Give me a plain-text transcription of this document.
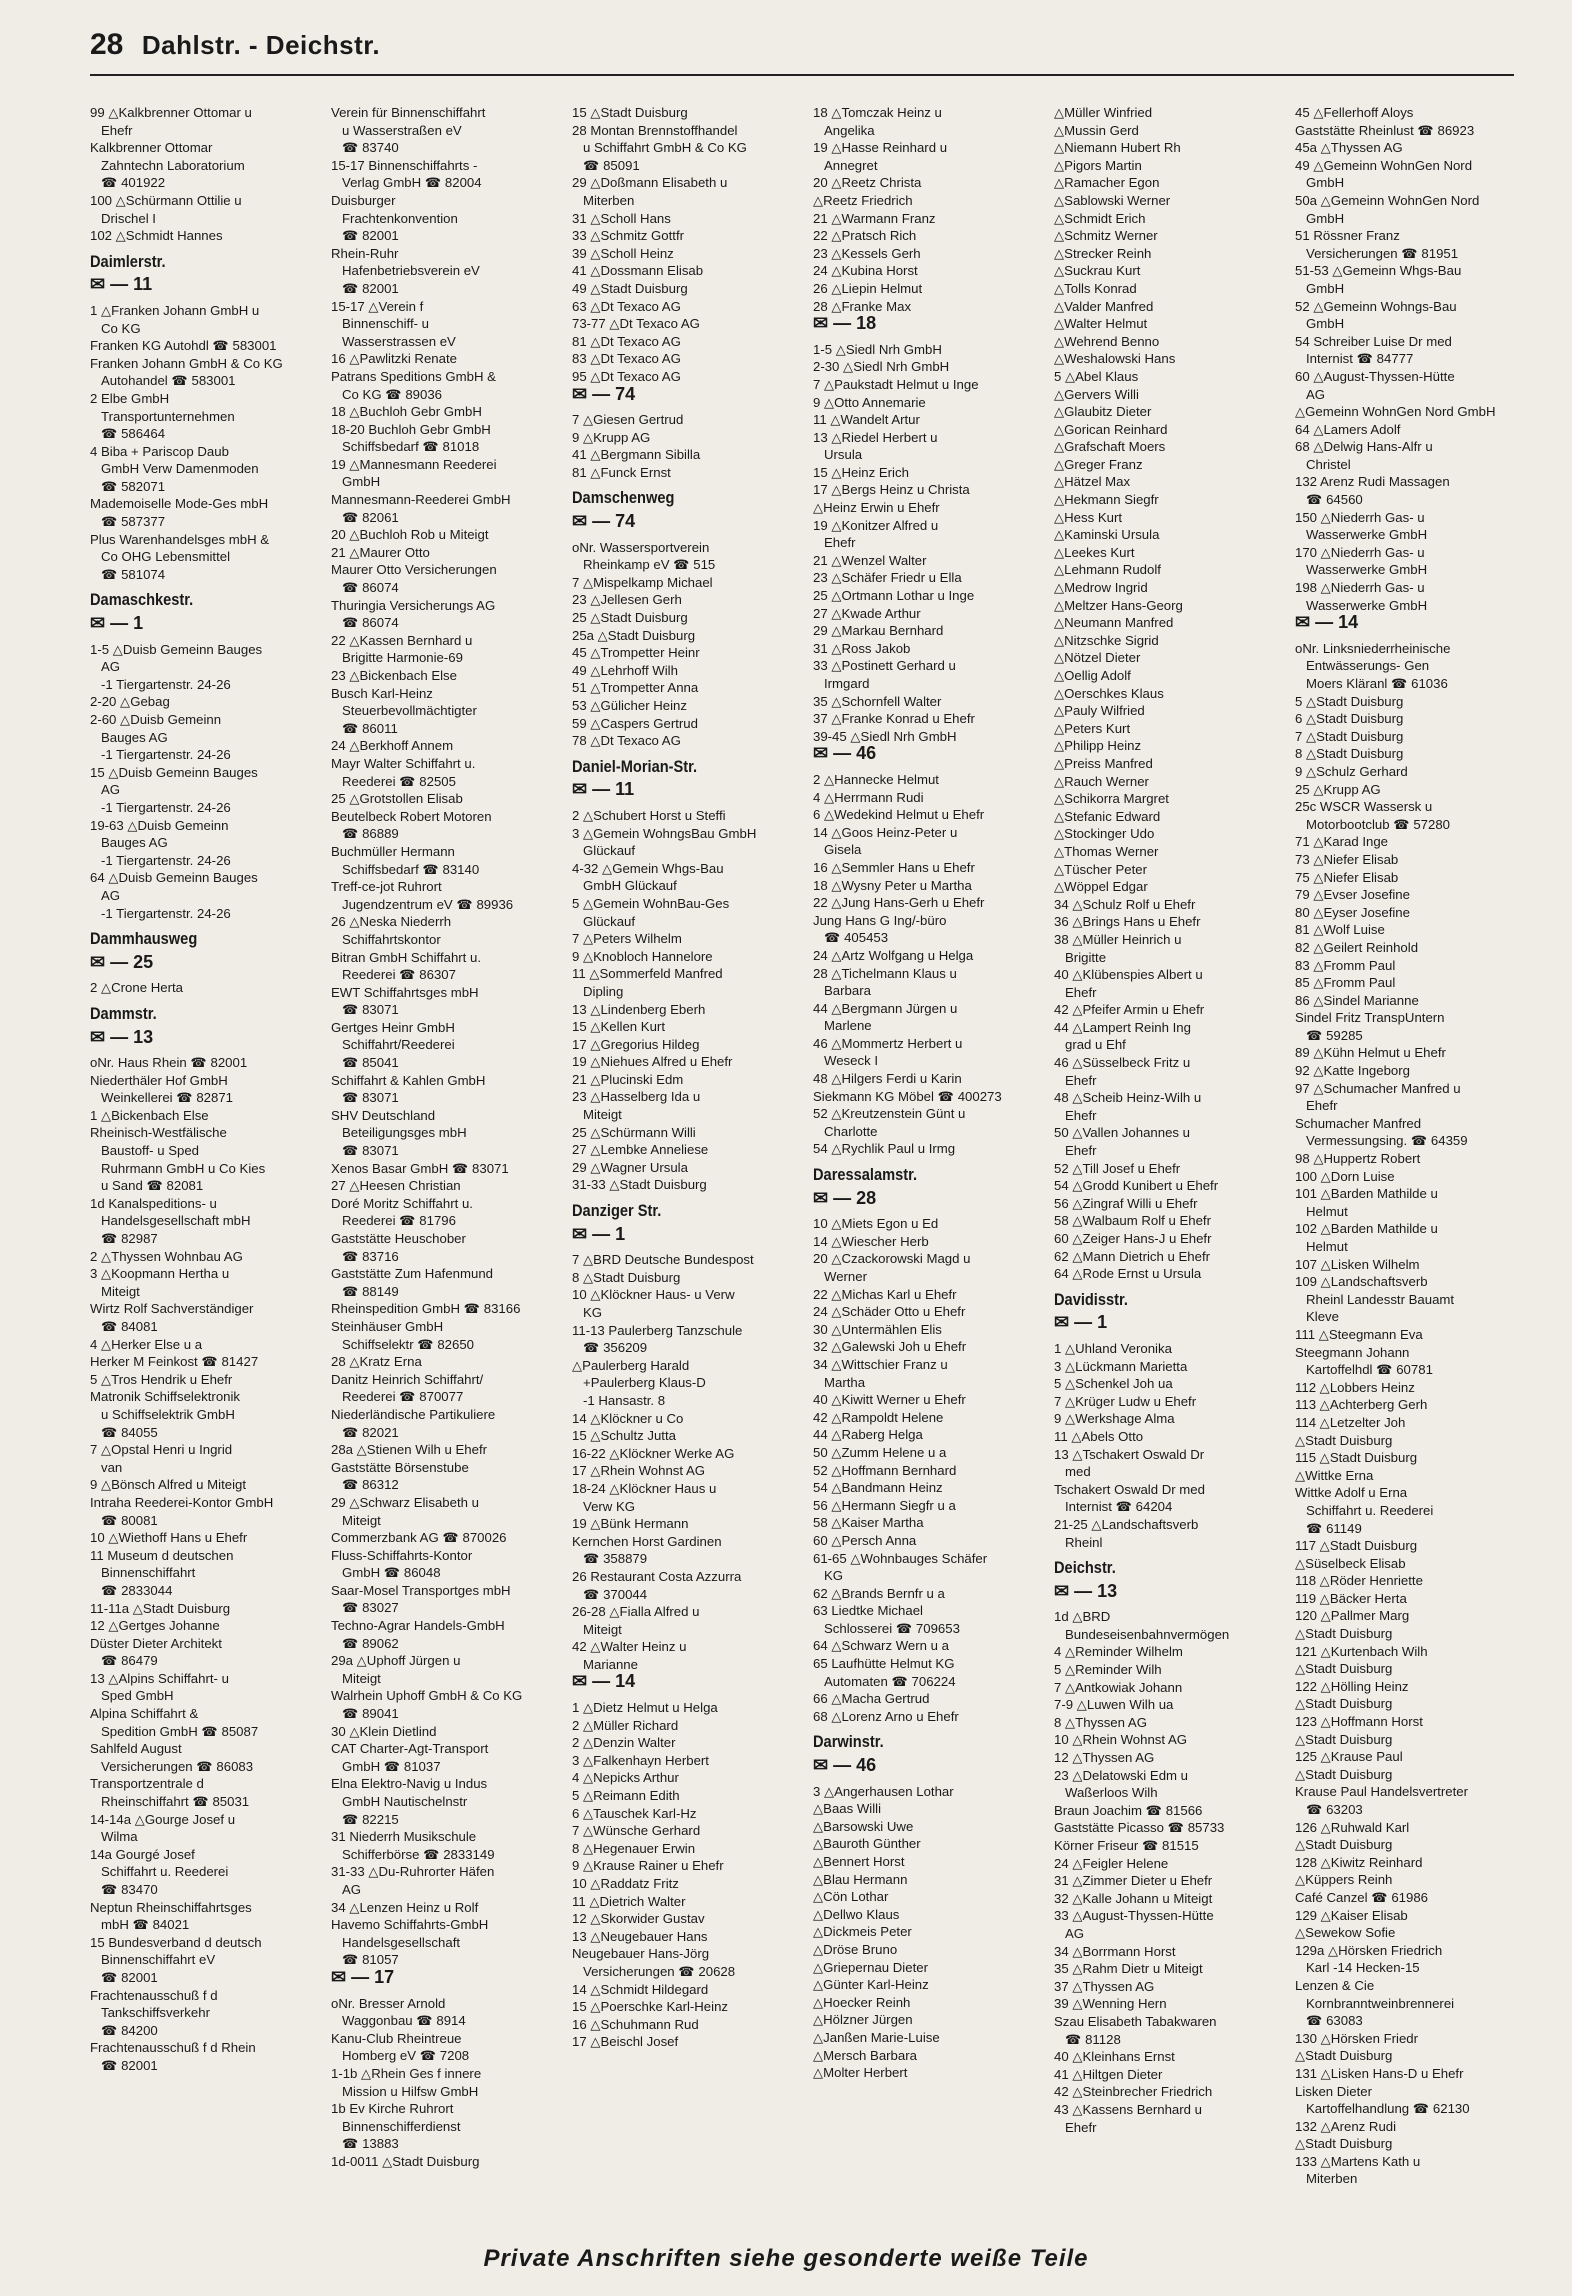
28 Dahlstr. - Deichstr.
99 △Kalkbrenner Ottomar u
Ehefr
Kalkbrenner Ottomar
Zahntechn Laboratorium
☎ 401922
100 △Schürmann Ottilie u
Drischel I
102 △Schmidt Hannes
Daimlerstr.
✉ — 11
1 △Franken Johann GmbH u
Co KG
Franken KG Autohdl ☎ 583001
Franken Johann GmbH & Co KG
Autohandel ☎ 583001
2 Elbe GmbH
Transportunternehmen
☎ 586464
4 Biba + Pariscop Daub
GmbH Verw Damenmoden
☎ 582071
Mademoiselle Mode-Ges mbH
☎ 587377
Plus Warenhandelsges mbH &
Co OHG Lebensmittel
☎ 581074
Damaschkestr.
✉ — 1
1-5 △Duisb Gemeinn Bauges
AG
-1 Tiergartenstr. 24-26
2-20 △Gebag
2-60 △Duisb Gemeinn
Bauges AG
-1 Tiergartenstr. 24-26
15 △Duisb Gemeinn Bauges
AG
-1 Tiergartenstr. 24-26
19-63 △Duisb Gemeinn
Bauges AG
-1 Tiergartenstr. 24-26
64 △Duisb Gemeinn Bauges
AG
-1 Tiergartenstr. 24-26
Dammhausweg
✉ — 25
2 △Crone Herta
Dammstr.
✉ — 13
oNr. Haus Rhein ☎ 82001
Niederthäler Hof GmbH
Weinkellerei ☎ 82871
1 △Bickenbach Else
Rheinisch-Westfälische
Baustoff- u Sped
Ruhrmann GmbH u Co Kies
u Sand ☎ 82081
1d Kanalspeditions- u
Handelsgesellschaft mbH
☎ 82987
2 △Thyssen Wohnbau AG
3 △Koopmann Hertha u
Miteigt
Wirtz Rolf Sachverständiger
☎ 84081
4 △Herker Else u a
Herker M Feinkost ☎ 81427
5 △Tros Hendrik u Ehefr
Matronik Schiffselektronik
u Schiffselektrik GmbH
☎ 84055
7 △Opstal Henri u Ingrid
van
9 △Bönsch Alfred u Miteigt
Intraha Reederei-Kontor GmbH
☎ 80081
10 △Wiethoff Hans u Ehefr
11 Museum d deutschen
Binnenschiffahrt
☎ 2833044
11-11a △Stadt Duisburg
12 △Gertges Johanne
Düster Dieter Architekt
☎ 86479
13 △Alpins Schiffahrt- u
Sped GmbH
Alpina Schiffahrt &
Spedition GmbH ☎ 85087
Sahlfeld August
Versicherungen ☎ 86083
Transportzentrale d
Rheinschiffahrt ☎ 85031
14-14a △Gourge Josef u
Wilma
14a Gourgé Josef
Schiffahrt u. Reederei
☎ 83470
Neptun Rheinschiffahrtsges
mbH ☎ 84021
15 Bundesverband d deutsch
Binnenschiffahrt eV
☎ 82001
Frachtenausschuß f d
Tankschiffsverkehr
☎ 84200
Frachtenausschuß f d Rhein
☎ 82001
Verein für Binnenschiffahrt
u Wasserstraßen eV
☎ 83740
15-17 Binnenschiffahrts -
Verlag GmbH ☎ 82004
Duisburger
Frachtenkonvention
☎ 82001
Rhein-Ruhr
Hafenbetriebsverein eV
☎ 82001
15-17 △Verein f
Binnenschiff- u
Wasserstrassen eV
16 △Pawlitzki Renate
Patrans Speditions GmbH &
Co KG ☎ 89036
18 △Buchloh Gebr GmbH
18-20 Buchloh Gebr GmbH
Schiffsbedarf ☎ 81018
19 △Mannesmann Reederei
GmbH
Mannesmann-Reederei GmbH
☎ 82061
20 △Buchloh Rob u Miteigt
21 △Maurer Otto
Maurer Otto Versicherungen
☎ 86074
Thuringia Versicherungs AG
☎ 86074
22 △Kassen Bernhard u
Brigitte Harmonie-69
23 △Bickenbach Else
Busch Karl-Heinz
Steuerbevollmächtigter
☎ 86011
24 △Berkhoff Annem
Mayr Walter Schiffahrt u.
Reederei ☎ 82505
25 △Grotstollen Elisab
Beutelbeck Robert Motoren
☎ 86889
Buchmüller Hermann
Schiffsbedarf ☎ 83140
Treff-ce-jot Ruhrort
Jugendzentrum eV ☎ 89936
26 △Neska Niederrh
Schiffahrtskontor
Bitran GmbH Schiffahrt u.
Reederei ☎ 86307
EWT Schiffahrtsges mbH
☎ 83071
Gertges Heinr GmbH
Schiffahrt/Reederei
☎ 85041
Schiffahrt & Kahlen GmbH
☎ 83071
SHV Deutschland
Beteiligungsges mbH
☎ 83071
Xenos Basar GmbH ☎ 83071
27 △Heesen Christian
Doré Moritz Schiffahrt u.
Reederei ☎ 81796
Gaststätte Heuschober
☎ 83716
Gaststätte Zum Hafenmund
☎ 88149
Rheinspedition GmbH ☎ 83166
Steinhäuser GmbH
Schiffselektr ☎ 82650
28 △Kratz Erna
Danitz Heinrich Schiffahrt/
Reederei ☎ 870077
Niederländische Partikuliere
☎ 82021
28a △Stienen Wilh u Ehefr
Gaststätte Börsenstube
☎ 86312
29 △Schwarz Elisabeth u
Miteigt
Commerzbank AG ☎ 870026
Fluss-Schiffahrts-Kontor
GmbH ☎ 86048
Saar-Mosel Transportges mbH
☎ 83027
Techno-Agrar Handels-GmbH
☎ 89062
29a △Uphoff Jürgen u
Miteigt
Walrhein Uphoff GmbH & Co KG
☎ 89041
30 △Klein Dietlind
CAT Charter-Agt-Transport
GmbH ☎ 81037
Elna Elektro-Navig u Indus
GmbH Nautischelnstr
☎ 82215
31 Niederrh Musikschule
Schifferbörse ☎ 2833149
31-33 △Du-Ruhrorter Häfen
AG
34 △Lenzen Heinz u Rolf
Havemo Schiffahrts-GmbH
Handelsgesellschaft
☎ 81057
✉ — 17
oNr. Bresser Arnold
Waggonbau ☎ 8914
Kanu-Club Rheintreue
Homberg eV ☎ 7208
1-1b △Rhein Ges f innere
Mission u Hilfsw GmbH
1b Ev Kirche Ruhrort
Binnenschifferdienst
☎ 13883
1d-0011 △Stadt Duisburg
15 △Stadt Duisburg
28 Montan Brennstoffhandel
u Schiffahrt GmbH & Co KG
☎ 85091
29 △Doßmann Elisabeth u
Miterben
31 △Scholl Hans
33 △Schmitz Gottfr
39 △Scholl Heinz
41 △Dossmann Elisab
49 △Stadt Duisburg
63 △Dt Texaco AG
73-77 △Dt Texaco AG
81 △Dt Texaco AG
83 △Dt Texaco AG
95 △Dt Texaco AG
✉ — 74
7 △Giesen Gertrud
9 △Krupp AG
41 △Bergmann Sibilla
81 △Funck Ernst
Damschenweg
✉ — 74
oNr. Wassersportverein
Rheinkamp eV ☎ 515
7 △Mispelkamp Michael
23 △Jellesen Gerh
25 △Stadt Duisburg
25a △Stadt Duisburg
45 △Trompetter Heinr
49 △Lehrhoff Wilh
51 △Trompetter Anna
53 △Gülicher Heinz
59 △Caspers Gertrud
78 △Dt Texaco AG
Daniel-Morian-Str.
✉ — 11
2 △Schubert Horst u Steffi
3 △Gemein WohngsBau GmbH
Glückauf
4-32 △Gemein Whgs-Bau
GmbH Glückauf
5 △Gemein WohnBau-Ges
Glückauf
7 △Peters Wilhelm
9 △Knobloch Hannelore
11 △Sommerfeld Manfred
Dipling
13 △Lindenberg Eberh
15 △Kellen Kurt
17 △Gregorius Hildeg
19 △Niehues Alfred u Ehefr
21 △Plucinski Edm
23 △Hasselberg Ida u
Miteigt
25 △Schürmann Willi
27 △Lembke Anneliese
29 △Wagner Ursula
31-33 △Stadt Duisburg
Danziger Str.
✉ — 1
7 △BRD Deutsche Bundespost
8 △Stadt Duisburg
10 △Klöckner Haus- u Verw
KG
11-13 Paulerberg Tanzschule
☎ 356209
△Paulerberg Harald
+Paulerberg Klaus-D
-1 Hansastr. 8
14 △Klöckner u Co
15 △Schultz Jutta
16-22 △Klöckner Werke AG
17 △Rhein Wohnst AG
18-24 △Klöckner Haus u
Verw KG
19 △Bünk Hermann
Kernchen Horst Gardinen
☎ 358879
26 Restaurant Costa Azzurra
☎ 370044
26-28 △Fialla Alfred u
Miteigt
42 △Walter Heinz u
Marianne
✉ — 14
1 △Dietz Helmut u Helga
2 △Müller Richard
2 △Denzin Walter
3 △Falkenhayn Herbert
4 △Nepicks Arthur
5 △Reimann Edith
6 △Tauschek Karl-Hz
7 △Wünsche Gerhard
8 △Hegenauer Erwin
9 △Krause Rainer u Ehefr
10 △Raddatz Fritz
11 △Dietrich Walter
12 △Skorwider Gustav
13 △Neugebauer Hans
Neugebauer Hans-Jörg
Versicherungen ☎ 20628
14 △Schmidt Hildegard
15 △Poerschke Karl-Heinz
16 △Schuhmann Rud
17 △Beischl Josef
18 △Tomczak Heinz u
Angelika
19 △Hasse Reinhard u
Annegret
20 △Reetz Christa
△Reetz Friedrich
21 △Warmann Franz
22 △Pratsch Rich
23 △Kessels Gerh
24 △Kubina Horst
26 △Liepin Helmut
28 △Franke Max
✉ — 18
1-5 △Siedl Nrh GmbH
2-30 △Siedl Nrh GmbH
7 △Paukstadt Helmut u Inge
9 △Otto Annemarie
11 △Wandelt Artur
13 △Riedel Herbert u
Ursula
15 △Heinz Erich
17 △Bergs Heinz u Christa
△Heinz Erwin u Ehefr
19 △Konitzer Alfred u
Ehefr
21 △Wenzel Walter
23 △Schäfer Friedr u Ella
25 △Ortmann Lothar u Inge
27 △Kwade Arthur
29 △Markau Bernhard
31 △Ross Jakob
33 △Postinett Gerhard u
Irmgard
35 △Schornfell Walter
37 △Franke Konrad u Ehefr
39-45 △Siedl Nrh GmbH
✉ — 46
2 △Hannecke Helmut
4 △Herrmann Rudi
6 △Wedekind Helmut u Ehefr
14 △Goos Heinz-Peter u
Gisela
16 △Semmler Hans u Ehefr
18 △Wysny Peter u Martha
22 △Jung Hans-Gerh u Ehefr
Jung Hans G Ing/-büro
☎ 405453
24 △Artz Wolfgang u Helga
28 △Tichelmann Klaus u
Barbara
44 △Bergmann Jürgen u
Marlene
46 △Mommertz Herbert u
Weseck I
48 △Hilgers Ferdi u Karin
Siekmann KG Möbel ☎ 400273
52 △Kreutzenstein Günt u
Charlotte
54 △Rychlik Paul u Irmg
Daressalamstr.
✉ — 28
10 △Miets Egon u Ed
14 △Wiescher Herb
20 △Czackorowski Magd u
Werner
22 △Michas Karl u Ehefr
24 △Schäder Otto u Ehefr
30 △Untermählen Elis
32 △Galewski Joh u Ehefr
34 △Wittschier Franz u
Martha
40 △Kiwitt Werner u Ehefr
42 △Rampoldt Helene
44 △Raberg Helga
50 △Zumm Helene u a
52 △Hoffmann Bernhard
54 △Bandmann Heinz
56 △Hermann Siegfr u a
58 △Kaiser Martha
60 △Persch Anna
61-65 △Wohnbauges Schäfer
KG
62 △Brands Bernfr u a
63 Liedtke Michael
Schlosserei ☎ 709653
64 △Schwarz Wern u a
65 Laufhütte Helmut KG
Automaten ☎ 706224
66 △Macha Gertrud
68 △Lorenz Arno u Ehefr
Darwinstr.
✉ — 46
3 △Angerhausen Lothar
△Baas Willi
△Barsowski Uwe
△Bauroth Günther
△Bennert Horst
△Blau Hermann
△Cön Lothar
△Dellwo Klaus
△Dickmeis Peter
△Dröse Bruno
△Griepernau Dieter
△Günter Karl-Heinz
△Hoecker Reinh
△Hölzner Jürgen
△Janßen Marie-Luise
△Mersch Barbara
△Molter Herbert
△Müller Winfried
△Mussin Gerd
△Niemann Hubert Rh
△Pigors Martin
△Ramacher Egon
△Sablowski Werner
△Schmidt Erich
△Schmitz Werner
△Strecker Reinh
△Suckrau Kurt
△Tolls Konrad
△Valder Manfred
△Walter Helmut
△Wehrend Benno
△Weshalowski Hans
5 △Abel Klaus
△Gervers Willi
△Glaubitz Dieter
△Gorican Reinhard
△Grafschaft Moers
△Greger Franz
△Hätzel Max
△Hekmann Siegfr
△Hess Kurt
△Kaminski Ursula
△Leekes Kurt
△Lehmann Rudolf
△Medrow Ingrid
△Meltzer Hans-Georg
△Neumann Manfred
△Nitzschke Sigrid
△Nötzel Dieter
△Oellig Adolf
△Oerschkes Klaus
△Pauly Wilfried
△Peters Kurt
△Philipp Heinz
△Preiss Manfred
△Rauch Werner
△Schikorra Margret
△Stefanic Edward
△Stockinger Udo
△Thomas Werner
△Tüscher Peter
△Wöppel Edgar
34 △Schulz Rolf u Ehefr
36 △Brings Hans u Ehefr
38 △Müller Heinrich u
Brigitte
40 △Klübenspies Albert u
Ehefr
42 △Pfeifer Armin u Ehefr
44 △Lampert Reinh Ing
grad u Ehf
46 △Süsselbeck Fritz u
Ehefr
48 △Scheib Heinz-Wilh u
Ehefr
50 △Vallen Johannes u
Ehefr
52 △Till Josef u Ehefr
54 △Grodd Kunibert u Ehefr
56 △Zingraf Willi u Ehefr
58 △Walbaum Rolf u Ehefr
60 △Zeiger Hans-J u Ehefr
62 △Mann Dietrich u Ehefr
64 △Rode Ernst u Ursula
Davidisstr.
✉ — 1
1 △Uhland Veronika
3 △Lückmann Marietta
5 △Schenkel Joh ua
7 △Krüger Ludw u Ehefr
9 △Werkshage Alma
11 △Abels Otto
13 △Tschakert Oswald Dr
med
Tschakert Oswald Dr med
Internist ☎ 64204
21-25 △Landschaftsverb
Rheinl
Deichstr.
✉ — 13
1d △BRD
Bundeseisenbahnvermögen
4 △Reminder Wilhelm
5 △Reminder Wilh
7 △Antkowiak Johann
7-9 △Luwen Wilh ua
8 △Thyssen AG
10 △Rhein Wohnst AG
12 △Thyssen AG
23 △Delatowski Edm u
Waßerloos Wilh
Braun Joachim ☎ 81566
Gaststätte Picasso ☎ 85733
Körner Friseur ☎ 81515
24 △Feigler Helene
31 △Zimmer Dieter u Ehefr
32 △Kalle Johann u Miteigt
33 △August-Thyssen-Hütte
AG
34 △Borrmann Horst
35 △Rahm Dietr u Miteigt
37 △Thyssen AG
39 △Wenning Hern
Szau Elisabeth Tabakwaren
☎ 81128
40 △Kleinhans Ernst
41 △Hiltgen Dieter
42 △Steinbrecher Friedrich
43 △Kassens Bernhard u
Ehefr
45 △Fellerhoff Aloys
Gaststätte Rheinlust ☎ 86923
45a △Thyssen AG
49 △Gemeinn WohnGen Nord
GmbH
50a △Gemeinn WohnGen Nord
GmbH
51 Rössner Franz
Versicherungen ☎ 81951
51-53 △Gemeinn Whgs-Bau
GmbH
52 △Gemeinn Wohngs-Bau
GmbH
54 Schreiber Luise Dr med
Internist ☎ 84777
60 △August-Thyssen-Hütte
AG
△Gemeinn WohnGen Nord GmbH
64 △Lamers Adolf
68 △Delwig Hans-Alfr u
Christel
132 Arenz Rudi Massagen
☎ 64560
150 △Niederrh Gas- u
Wasserwerke GmbH
170 △Niederrh Gas- u
Wasserwerke GmbH
198 △Niederrh Gas- u
Wasserwerke GmbH
✉ — 14
oNr. Linksniederrheinische
Entwässerungs- Gen
Moers Kläranl ☎ 61036
5 △Stadt Duisburg
6 △Stadt Duisburg
7 △Stadt Duisburg
8 △Stadt Duisburg
9 △Schulz Gerhard
25 △Krupp AG
25c WSCR Wassersk u
Motorbootclub ☎ 57280
71 △Karad Inge
73 △Niefer Elisab
75 △Niefer Elisab
79 △Evser Josefine
80 △Eyser Josefine
81 △Wolf Luise
82 △Geilert Reinhold
83 △Fromm Paul
85 △Fromm Paul
86 △Sindel Marianne
Sindel Fritz TranspUntern
☎ 59285
89 △Kühn Helmut u Ehefr
92 △Katte Ingeborg
97 △Schumacher Manfred u
Ehefr
Schumacher Manfred
Vermessungsing. ☎ 64359
98 △Huppertz Robert
100 △Dorn Luise
101 △Barden Mathilde u
Helmut
102 △Barden Mathilde u
Helmut
107 △Lisken Wilhelm
109 △Landschaftsverb
Rheinl Landesstr Bauamt
Kleve
111 △Steegmann Eva
Steegmann Johann
Kartoffelhdl ☎ 60781
112 △Lobbers Heinz
113 △Achterberg Gerh
114 △Letzelter Joh
△Stadt Duisburg
115 △Stadt Duisburg
△Wittke Erna
Wittke Adolf u Erna
Schiffahrt u. Reederei
☎ 61149
117 △Stadt Duisburg
△Süselbeck Elisab
118 △Röder Henriette
119 △Bäcker Herta
120 △Pallmer Marg
△Stadt Duisburg
121 △Kurtenbach Wilh
△Stadt Duisburg
122 △Hölling Heinz
△Stadt Duisburg
123 △Hoffmann Horst
△Stadt Duisburg
125 △Krause Paul
△Stadt Duisburg
Krause Paul Handelsvertreter
☎ 63203
126 △Ruhwald Karl
△Stadt Duisburg
128 △Kiwitz Reinhard
△Küppers Reinh
Café Canzel ☎ 61986
129 △Kaiser Elisab
△Sewekow Sofie
129a △Hörsken Friedrich
Karl -14 Hecken-15
Lenzen & Cie
Kornbranntweinbrennerei
☎ 63083
130 △Hörsken Friedr
△Stadt Duisburg
131 △Lisken Hans-D u Ehefr
Lisken Dieter
Kartoffelhandlung ☎ 62130
132 △Arenz Rudi
△Stadt Duisburg
133 △Martens Kath u
Miterben
Private Anschriften siehe gesonderte weiße Teile
